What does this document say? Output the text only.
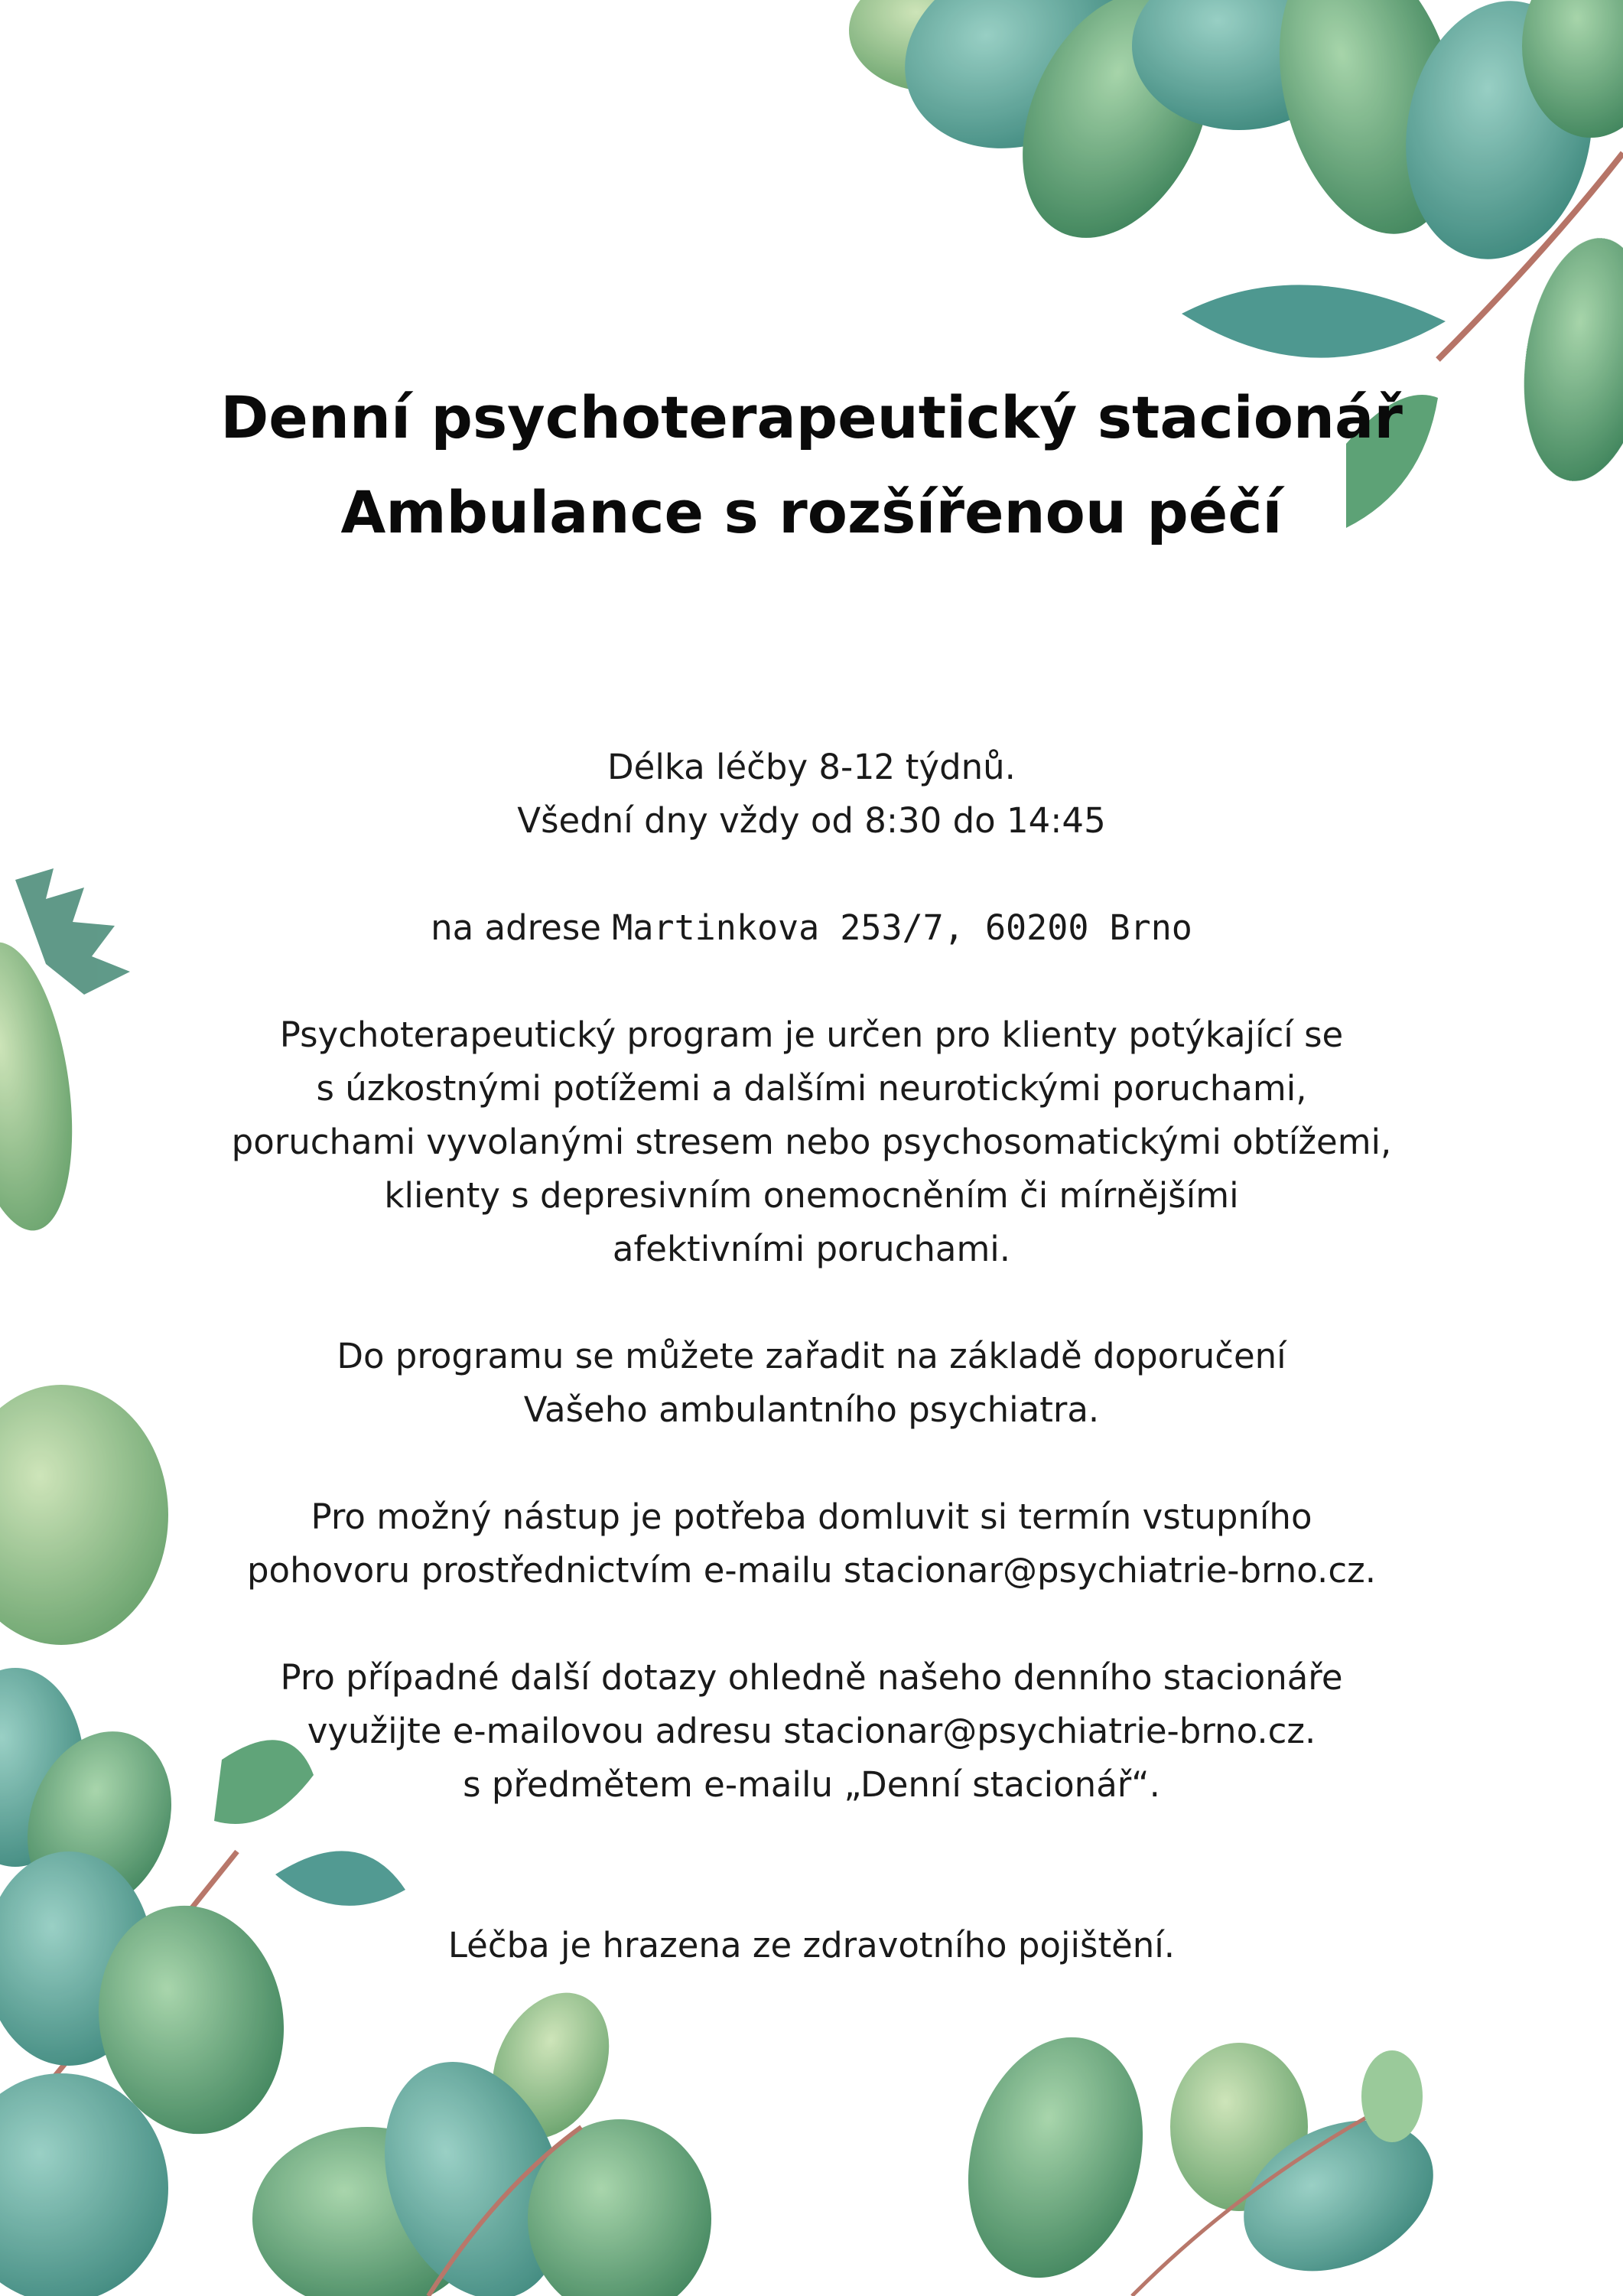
Denní psychoterapeutický stacionář
Ambulance s rozšířenou péčí

Délka léčby 8-12 týdnů.

Všední dny vždy od 8:30 do 14:45

na adrese Martinkova 253/7, 60200 Brno

Psychoterapeutický program je určen pro klienty potýkající se

s úzkostnými potížemi a dalšími neurotickými poruchami,

poruchami vyvolanými stresem nebo psychosomatickými obtížemi,

klienty s depresivním onemocněním či mírnějšími

afektivními poruchami.

Do programu se můžete zařadit na základě doporučení

Vašeho ambulantního psychiatra.

Pro možný nástup je potřeba domluvit si termín vstupního

pohovoru prostřednictvím e-mailu stacionar@psychiatrie-brno.cz.

Pro případné další dotazy ohledně našeho denního stacionáře

využijte e-mailovou adresu stacionar@psychiatrie-brno.cz.

s předmětem e-mailu „Denní stacionář“.

Léčba je hrazena ze zdravotního pojištění.
